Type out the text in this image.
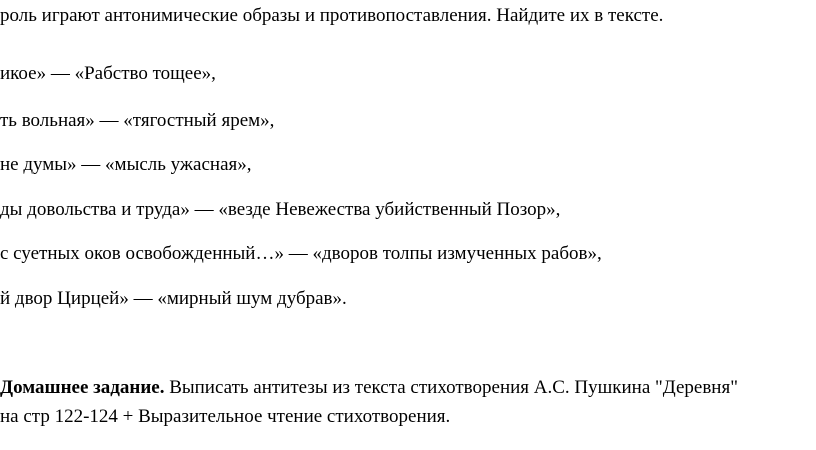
роль играют антонимические образы и противопоставления. Найдите их в тексте.
икое» — «Рабство тощее»,
ть вольная» — «тягостный ярем»,
не думы» — «мысль ужасная»,
ды довольства и труда» — «везде Невежества убийственный Позор»,
с суетных оков освобожденный…» — «дворов толпы измученных рабов»,
й двор Цирцей» — «мирный шум дубрав».
Домашнее задание. Выписать антитезы из текста стихотворения А.С. Пушкина "Деревня"
на стр 122-124 + Выразительное чтение стихотворения.
